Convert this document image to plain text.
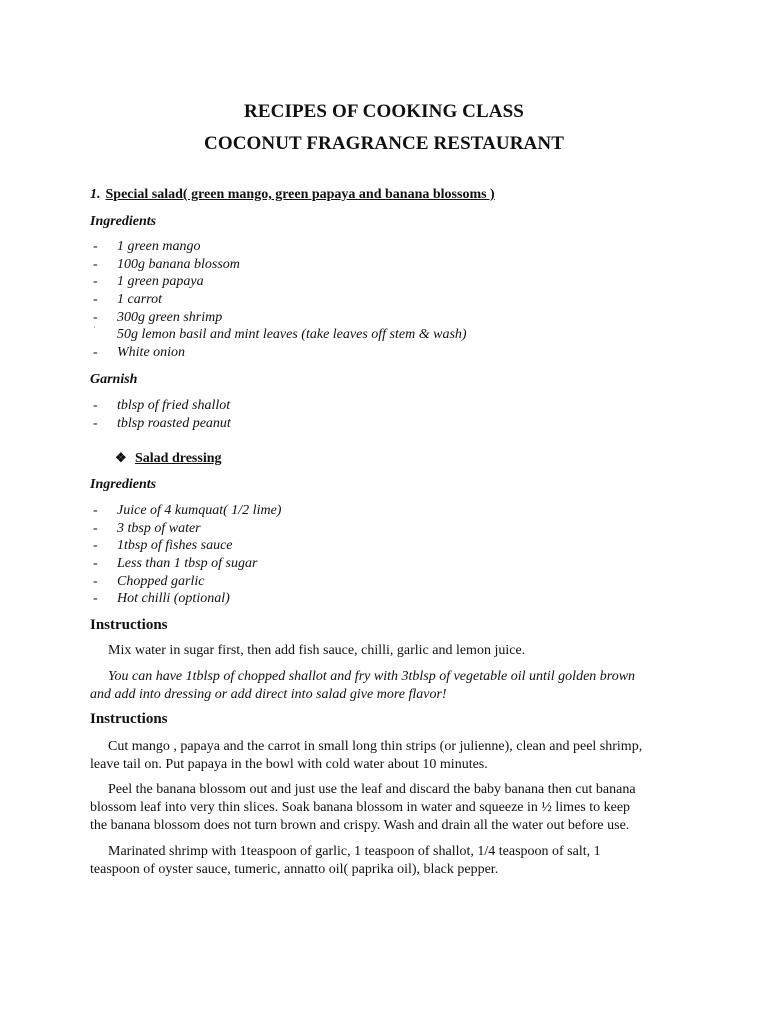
RECIPES OF COOKING CLASS
COCONUT FRAGRANCE RESTAURANT
1. Special salad( green mango, green papaya and banana blossoms )
Ingredients
- 1 green mango
- 100g banana blossom
- 1 green papaya
- 1 carrot
- 300g green shrimp
˙ 50g lemon basil and mint leaves (take leaves off stem & wash)
- White onion
Garnish
- tblsp of fried shallot
- tblsp roasted peanut
❖ Salad dressing
Ingredients
- Juice of 4 kumquat( 1/2 lime)
- 3 tbsp of water
- 1tbsp of fishes sauce
- Less than 1 tbsp of sugar
- Chopped garlic
- Hot chilli (optional)
Instructions

Mix water in sugar first, then add fish sauce, chilli, garlic and lemon juice.

You can have 1tblsp of chopped shallot and fry with 3tblsp of vegetable oil until golden brown
and add into dressing or add direct into salad give more flavor!

Instructions

Cut mango , papaya and the carrot in small long thin strips (or julienne), clean and peel shrimp,
leave tail on. Put papaya in the bowl with cold water about 10 minutes.

Peel the banana blossom out and just use the leaf and discard the baby banana then cut banana
blossom leaf into very thin slices. Soak banana blossom in water and squeeze in ½ limes to keep
the banana blossom does not turn brown and crispy. Wash and drain all the water out before use.

Marinated shrimp with 1teaspoon of garlic, 1 teaspoon of shallot, 1/4 teaspoon of salt, 1
teaspoon of oyster sauce, tumeric, annatto oil( paprika oil), black pepper.
